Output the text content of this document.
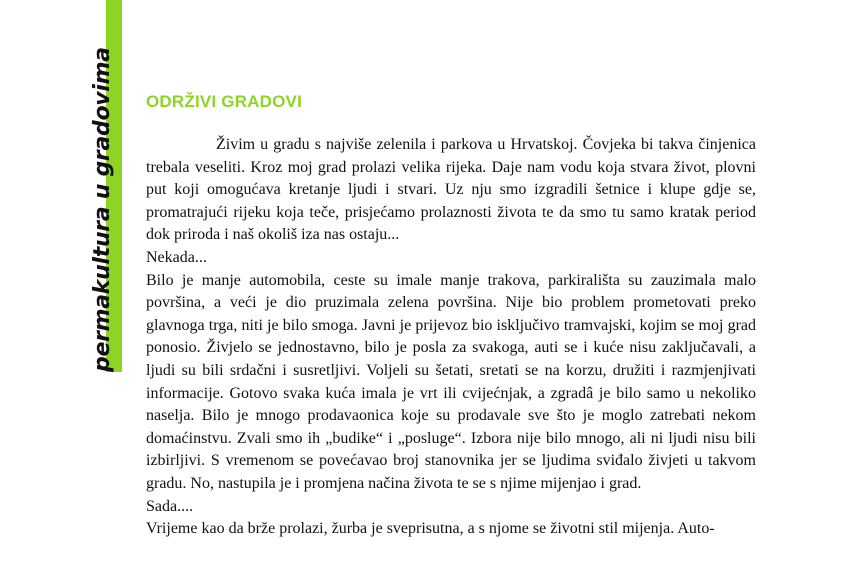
permakultura u gradovima ODRŽIVI GRADOVI

Živim u gradu s najviše zelenila i parkova u Hrvatskoj. Čovjeka bi takva činjenica trebala veseliti. Kroz moj grad prolazi velika rijeka. Daje nam vodu koja stvara život, plovni put koji omogućava kretanje ljudi i stvari. Uz nju smo izgradili šetnice i klupe gdje se, promatrajući rijeku koja teče, prisjećamo prolaznosti života te da smo tu samo kratak period dok priroda i naš okoliš iza nas ostaju...

Nekada...

Bilo je manje automobila, ceste su imale manje trakova, parkirališta su zauzimala malo površina, a veći je dio pruzimala zelena površina. Nije bio problem prometovati preko glavnoga trga, niti je bilo smoga. Javni je prijevoz bio isključivo tramvajski, kojim se moj grad ponosio. Živjelo se jednostavno, bilo je posla za svakoga, auti se i kuće nisu zaključavali, a ljudi su bili srdačni i susretljivi. Voljeli su šetati, sretati se na korzu, družiti i razmjenjivati informacije. Gotovo svaka kuća imala je vrt ili cvijećnjak, a zgradâ je bilo samo u nekoliko naselja. Bilo je mnogo prodavaonica koje su prodavale sve što je moglo zatrebati nekom domaćinstvu. Zvali smo ih „budike“ i „posluge“. Izbora nije bilo mnogo, ali ni ljudi nisu bili izbirljivi. S vremenom se povećavao broj stanovnika jer se ljudima sviđalo živjeti u takvom gradu. No, nastupila je i promjena načina života te se s njime mijenjao i grad.

Sada....

Vrijeme kao da brže prolazi, žurba je sveprisutna, a s njome se životni stil mijenja. Auto-
